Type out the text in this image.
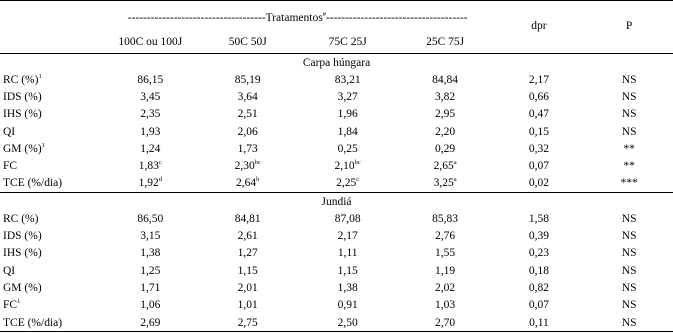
	------------------------------------Tratamentos#-------------------------------------				dpr	P
	100C ou 100J	50C 50J	75C 25J	25C 75J		

Carpa húngara						
RC (%)$^1$	86,15	85,19	83,21	84,84	2,17	NS
IDS (%)	3,45	3,64	3,27	3,82	0,66	NS
IHS (%)	2,35	2,51	1,96	2,95	0,47	NS
QI	1,93	2,06	1,84	2,20	0,15	NS
GM (%)$^1$	1,24	1,73	0,25	0,29	0,32	**
FC	1,83$^c$	2,30$^{bc}$	2,10$^{bc}$	2,65$^a$	0,07	**
TCE (%/dia)	1,92$^d$	2,64$^b$	2,25$^c$	3,25$^a$	0,02	***
Jundiá						
RC (%)	86,50	84,81	87,08	85,83	1,58	NS
IDS (%)	3,15	2,61	2,17	2,76	0,39	NS
IHS (%)	1,38	1,27	1,11	1,55	0,23	NS
QI	1,25	1,15	1,15	1,19	0,18	NS
GM (%)	1,71	2,01	1,38	2,02	0,82	NS
$FC^1$	1,06	1,01	0,91	1,03	0,07	NS
TCE (%/dia)	2,69	2,75	2,50	2,70	0,11	NS
